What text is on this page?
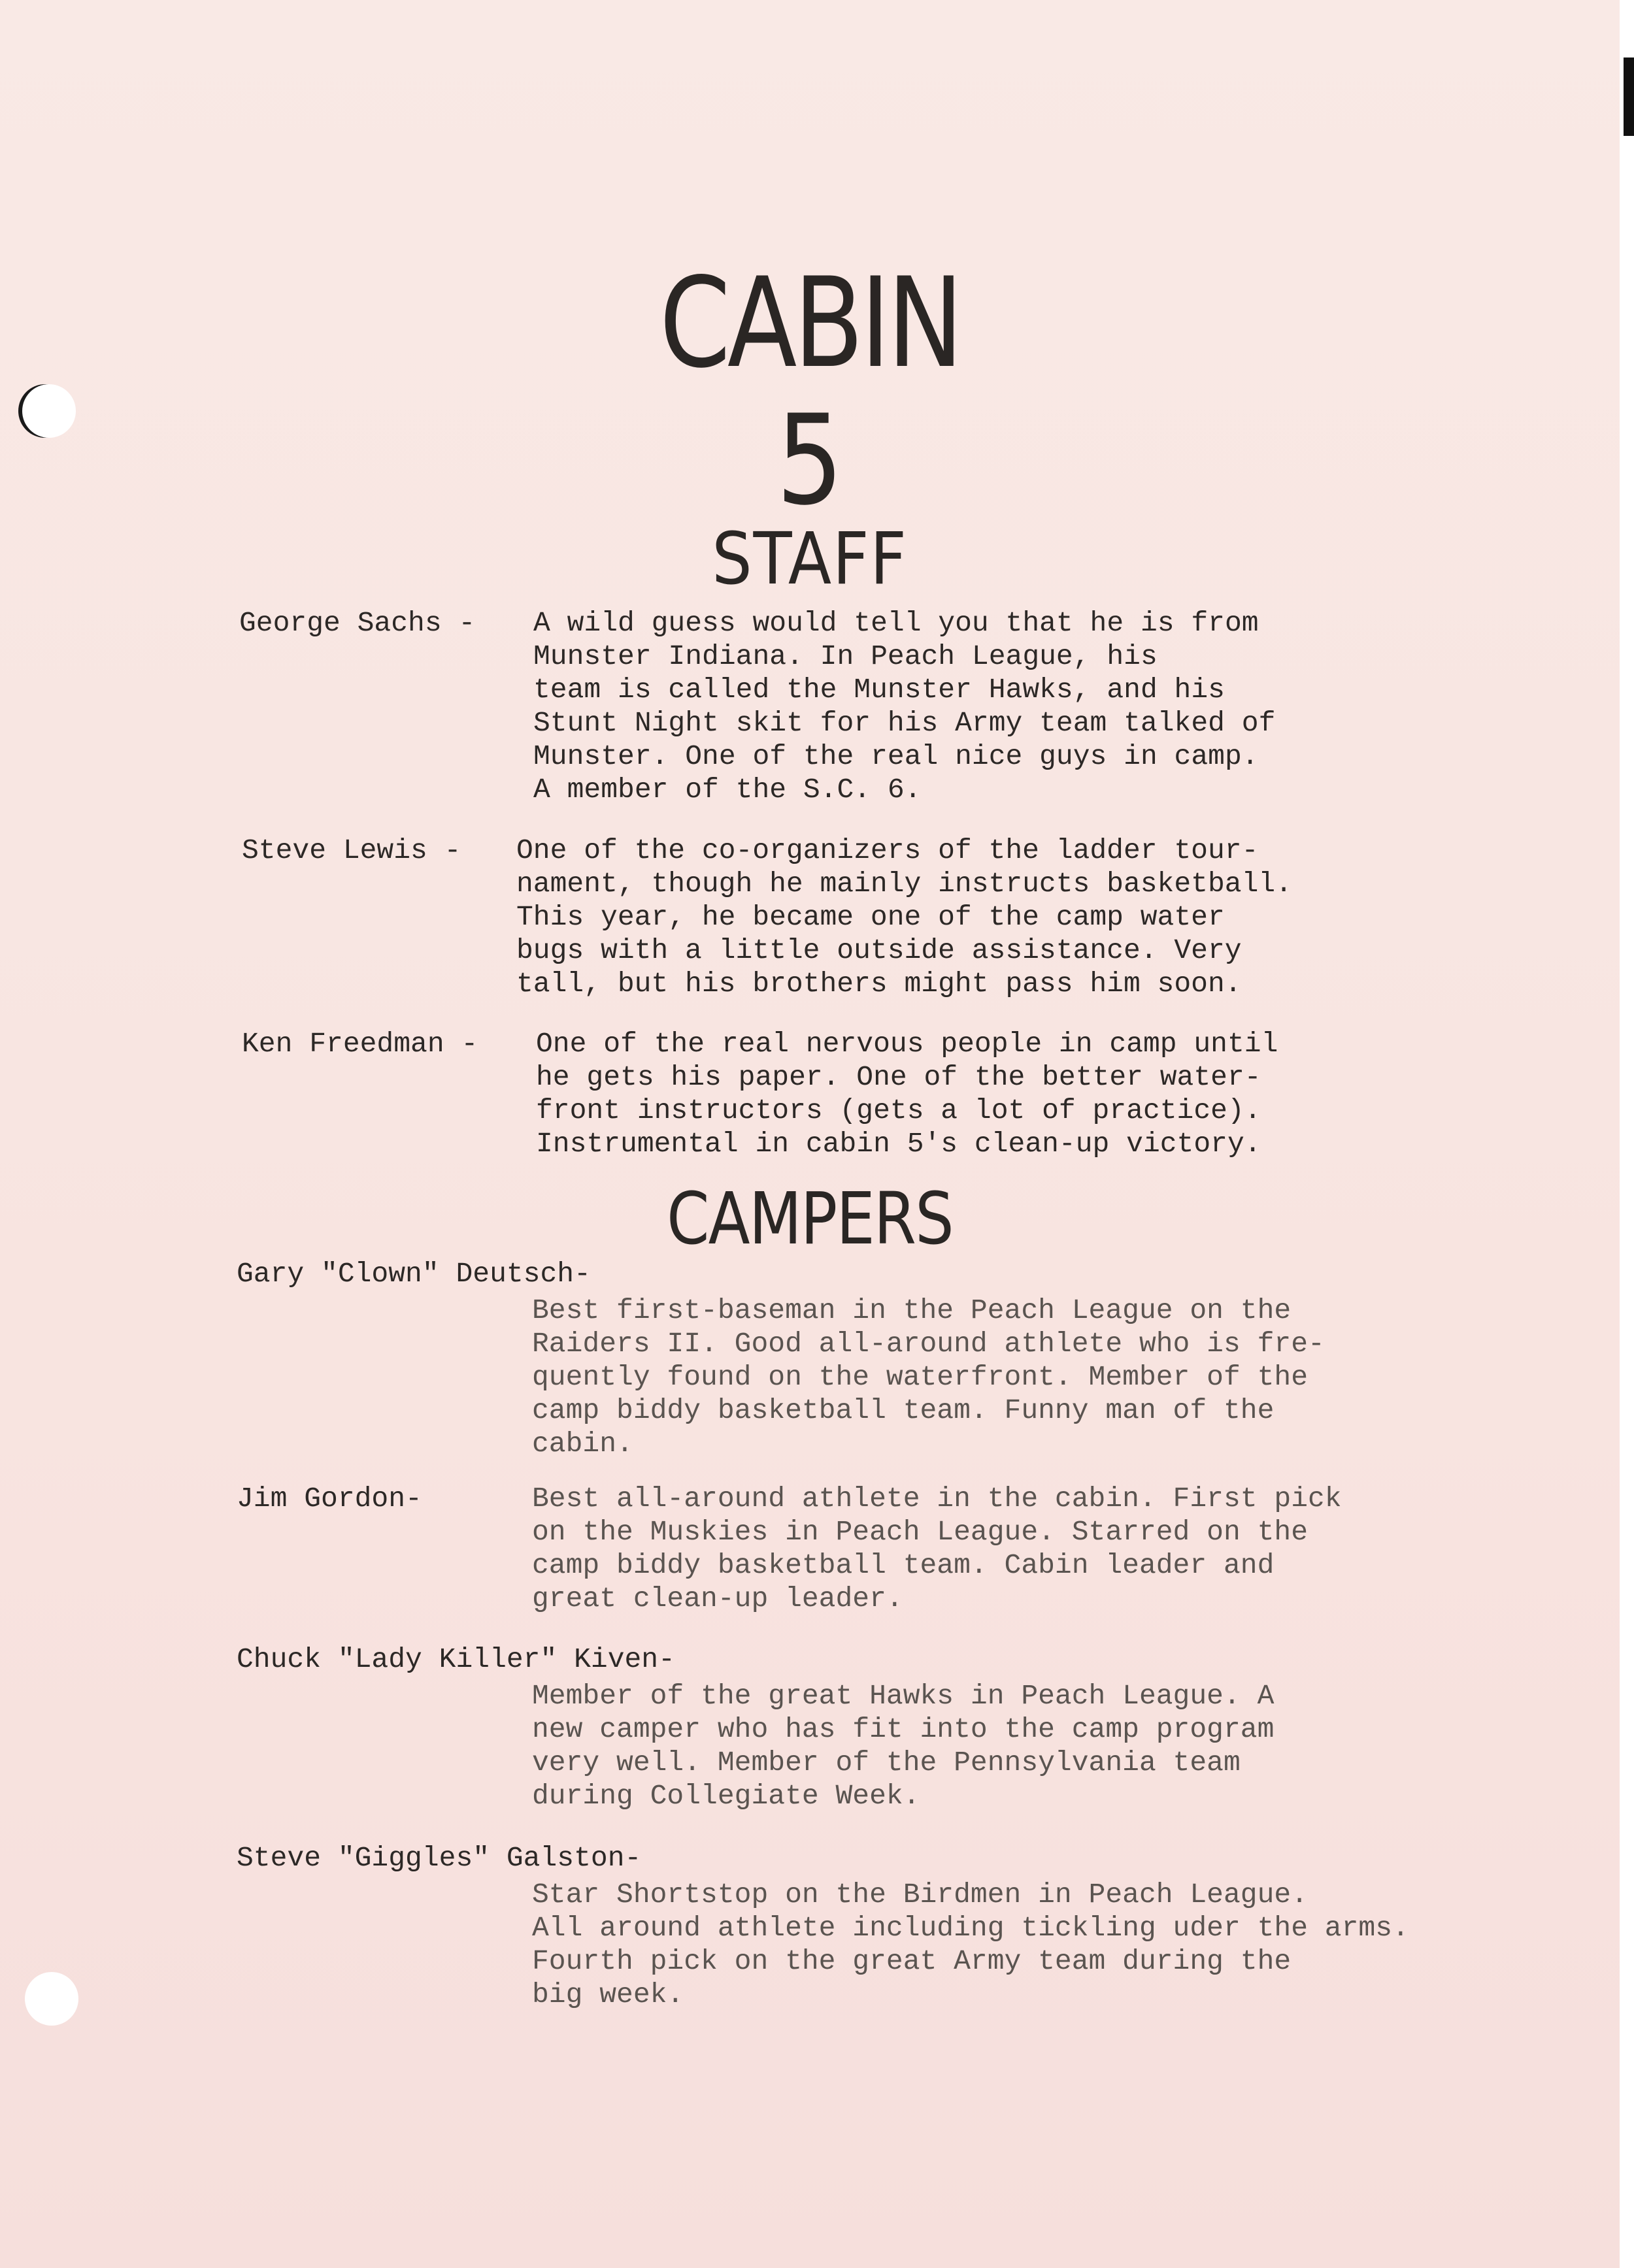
CABIN
5
STAFF
George Sachs - A wild guess would tell you that he is from
Munster Indiana. In Peach League, his
team is called the Munster Hawks, and his
Stunt Night skit for his Army team talked of
Munster. One of the real nice guys in camp.
A member of the S.C. 6.
Steve Lewis - One of the co-organizers of the ladder tour-
nament, though he mainly instructs basketball.
This year, he became one of the camp water
bugs with a little outside assistance. Very
tall, but his brothers might pass him soon.
Ken Freedman - One of the real nervous people in camp until
he gets his paper. One of the better water-
front instructors (gets a lot of practice).
Instrumental in cabin 5's clean-up victory.
CAMPERS
Gary "Clown" Deutsch-
Best first-baseman in the Peach League on the
Raiders II. Good all-around athlete who is fre-
quently found on the waterfront. Member of the
camp biddy basketball team. Funny man of the
cabin.
Jim Gordon-	Best all-around athlete in the cabin. First pick
on the Muskies in Peach League. Starred on the
camp biddy basketball team. Cabin leader and
great clean-up leader.
Chuck "Lady Killer" Kiven-
Member of the great Hawks in Peach League. A
new camper who has fit into the camp program
very well. Member of the Pennsylvania team
during Collegiate Week.
Steve "Giggles" Galston-
Star Shortstop on the Birdmen in Peach League.
All around athlete including tickling uder the arms.
Fourth pick on the great Army team during the
big week.
